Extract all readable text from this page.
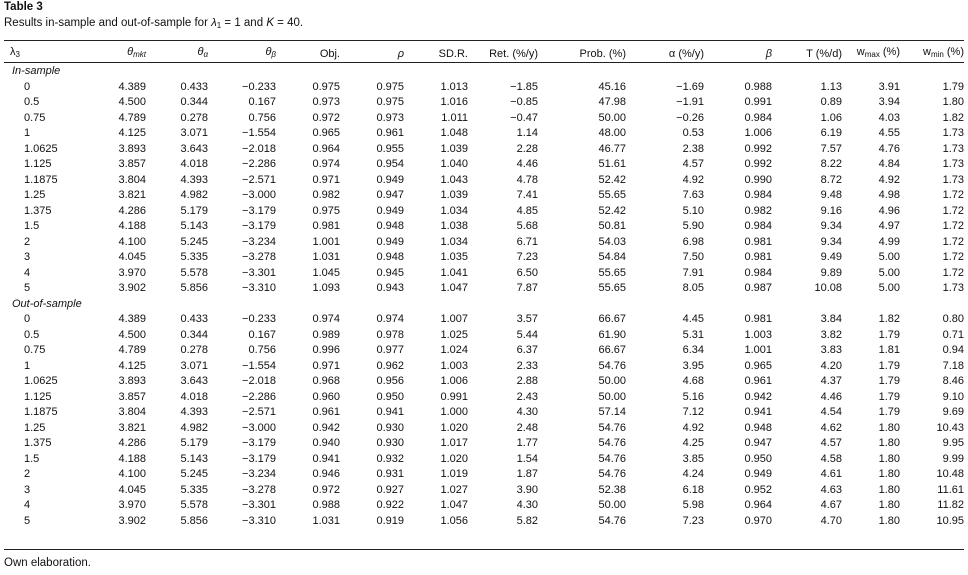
Table 3
Results in-sample and out-of-sample for $\lambda_1 = 1$ and K = 40.
$\lambda_3$	$\theta_{mkt}$	$\theta_\alpha$	$\theta_\beta$	Obj.	ρ	SD.R.	Ret. (%/y)	Prob. (%)	α (%/y)	β	T (%/d)	$w_{max}$ (%)	$w_{min}$ (%)
In-sample													
0	4.389	0.433	−0.233	0.975	0.975	1.013	−1.85	45.16	−1.69	0.988	1.13	3.91	1.79
0.5	4.500	0.344	0.167	0.973	0.975	1.016	−0.85	47.98	−1.91	0.991	0.89	3.94	1.80
0.75	4.789	0.278	0.756	0.972	0.973	1.011	−0.47	50.00	−0.26	0.984	1.06	4.03	1.82
1	4.125	3.071	−1.554	0.965	0.961	1.048	1.14	48.00	0.53	1.006	6.19	4.55	1.73
1.0625	3.893	3.643	−2.018	0.964	0.955	1.039	2.28	46.77	2.38	0.992	7.57	4.76	1.73
1.125	3.857	4.018	−2.286	0.974	0.954	1.040	4.46	51.61	4.57	0.992	8.22	4.84	1.73
1.1875	3.804	4.393	−2.571	0.971	0.949	1.043	4.78	52.42	4.92	0.990	8.72	4.92	1.73
1.25	3.821	4.982	−3.000	0.982	0.947	1.039	7.41	55.65	7.63	0.984	9.48	4.98	1.72
1.375	4.286	5.179	−3.179	0.975	0.949	1.034	4.85	52.42	5.10	0.982	9.16	4.96	1.72
1.5	4.188	5.143	−3.179	0.981	0.948	1.038	5.68	50.81	5.90	0.984	9.34	4.97	1.72
2	4.100	5.245	−3.234	1.001	0.949	1.034	6.71	54.03	6.98	0.981	9.34	4.99	1.72
3	4.045	5.335	−3.278	1.031	0.948	1.035	7.23	54.84	7.50	0.981	9.49	5.00	1.72
4	3.970	5.578	−3.301	1.045	0.945	1.041	6.50	55.65	7.91	0.984	9.89	5.00	1.72
5	3.902	5.856	−3.310	1.093	0.943	1.047	7.87	55.65	8.05	0.987	10.08	5.00	1.73
Out-of-sample													
0	4.389	0.433	−0.233	0.974	0.974	1.007	3.57	66.67	4.45	0.981	3.84	1.82	0.80
0.5	4.500	0.344	0.167	0.989	0.978	1.025	5.44	61.90	5.31	1.003	3.82	1.79	0.71
0.75	4.789	0.278	0.756	0.996	0.977	1.024	6.37	66.67	6.34	1.001	3.83	1.81	0.94
1	4.125	3.071	−1.554	0.971	0.962	1.003	2.33	54.76	3.95	0.965	4.20	1.79	7.18
1.0625	3.893	3.643	−2.018	0.968	0.956	1.006	2.88	50.00	4.68	0.961	4.37	1.79	8.46
1.125	3.857	4.018	−2.286	0.960	0.950	0.991	2.43	50.00	5.16	0.942	4.46	1.79	9.10
1.1875	3.804	4.393	−2.571	0.961	0.941	1.000	4.30	57.14	7.12	0.941	4.54	1.79	9.69
1.25	3.821	4.982	−3.000	0.942	0.930	1.020	2.48	54.76	4.92	0.948	4.62	1.80	10.43
1.375	4.286	5.179	−3.179	0.940	0.930	1.017	1.77	54.76	4.25	0.947	4.57	1.80	9.95
1.5	4.188	5.143	−3.179	0.941	0.932	1.020	1.54	54.76	3.85	0.950	4.58	1.80	9.99
2	4.100	5.245	−3.234	0.946	0.931	1.019	1.87	54.76	4.24	0.949	4.61	1.80	10.48
3	4.045	5.335	−3.278	0.972	0.927	1.027	3.90	52.38	6.18	0.952	4.63	1.80	11.61
4	3.970	5.578	−3.301	0.988	0.922	1.047	4.30	50.00	5.98	0.964	4.67	1.80	11.82
5	3.902	5.856	−3.310	1.031	0.919	1.056	5.82	54.76	7.23	0.970	4.70	1.80	10.95
Own elaboration.
